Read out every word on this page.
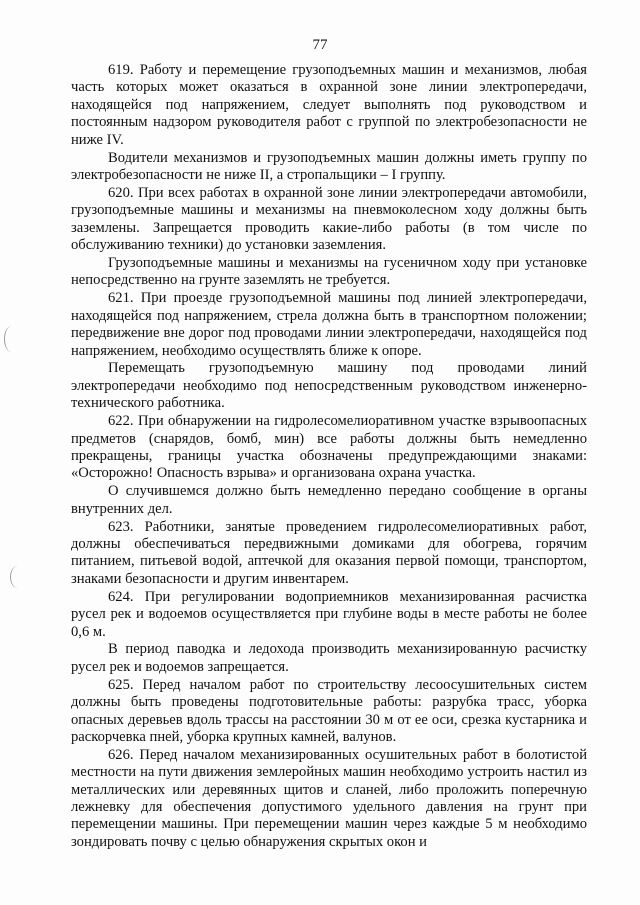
77

619. Работу и перемещение грузоподъемных машин и механизмов, любая часть которых может оказаться в охранной зоне линии электропередачи, находящейся под напряжением, следует выполнять под руководством и постоянным надзором руководителя работ с группой по электробезопасности не ниже IV.

Водители механизмов и грузоподъемных машин должны иметь группу по электробезопасности не ниже II, а стропальщики – I группу.

620. При всех работах в охранной зоне линии электропередачи автомобили, грузоподъемные машины и механизмы на пневмоколесном ходу должны быть заземлены. Запрещается проводить какие-либо работы (в том числе по обслуживанию техники) до установки заземления.

Грузоподъемные машины и механизмы на гусеничном ходу при установке непосредственно на грунте заземлять не требуется.

621. При проезде грузоподъемной машины под линией электропередачи, находящейся под напряжением, стрела должна быть в транспортном положении; передвижение вне дорог под проводами линии электропередачи, находящейся под напряжением, необходимо осуществлять ближе к опоре.

Перемещать грузоподъемную машину под проводами линий электропередачи необходимо под непосредственным руководством инженерно-технического работника.

622. При обнаружении на гидролесомелиоративном участке взрывоопасных предметов (снарядов, бомб, мин) все работы должны быть немедленно прекращены, границы участка обозначены предупреждающими знаками: «Осторожно! Опасность взрыва» и организована охрана участка.

О случившемся должно быть немедленно передано сообщение в органы внутренних дел.

623. Работники, занятые проведением гидролесомелиоративных работ, должны обеспечиваться передвижными домиками для обогрева, горячим питанием, питьевой водой, аптечкой для оказания первой помощи, транспортом, знаками безопасности и другим инвентарем.

624. При регулировании водоприемников механизированная расчистка русел рек и водоемов осуществляется при глубине воды в месте работы не более 0,6 м.

В период паводка и ледохода производить механизированную расчистку русел рек и водоемов запрещается.

625. Перед началом работ по строительству лесоосушительных систем должны быть проведены подготовительные работы: разрубка трасс, уборка опасных деревьев вдоль трассы на расстоянии 30 м от ее оси, срезка кустарника и раскорчевка пней, уборка крупных камней, валунов.

626. Перед началом механизированных осушительных работ в болотистой местности на пути движения землеройных машин необходимо устроить настил из металлических или деревянных щитов и сланей, либо проложить поперечную лежневку для обеспечения допустимого удельного давления на грунт при перемещении машины. При перемещении машин через каждые 5 м необходимо зондировать почву с целью обнаружения скрытых окон и
